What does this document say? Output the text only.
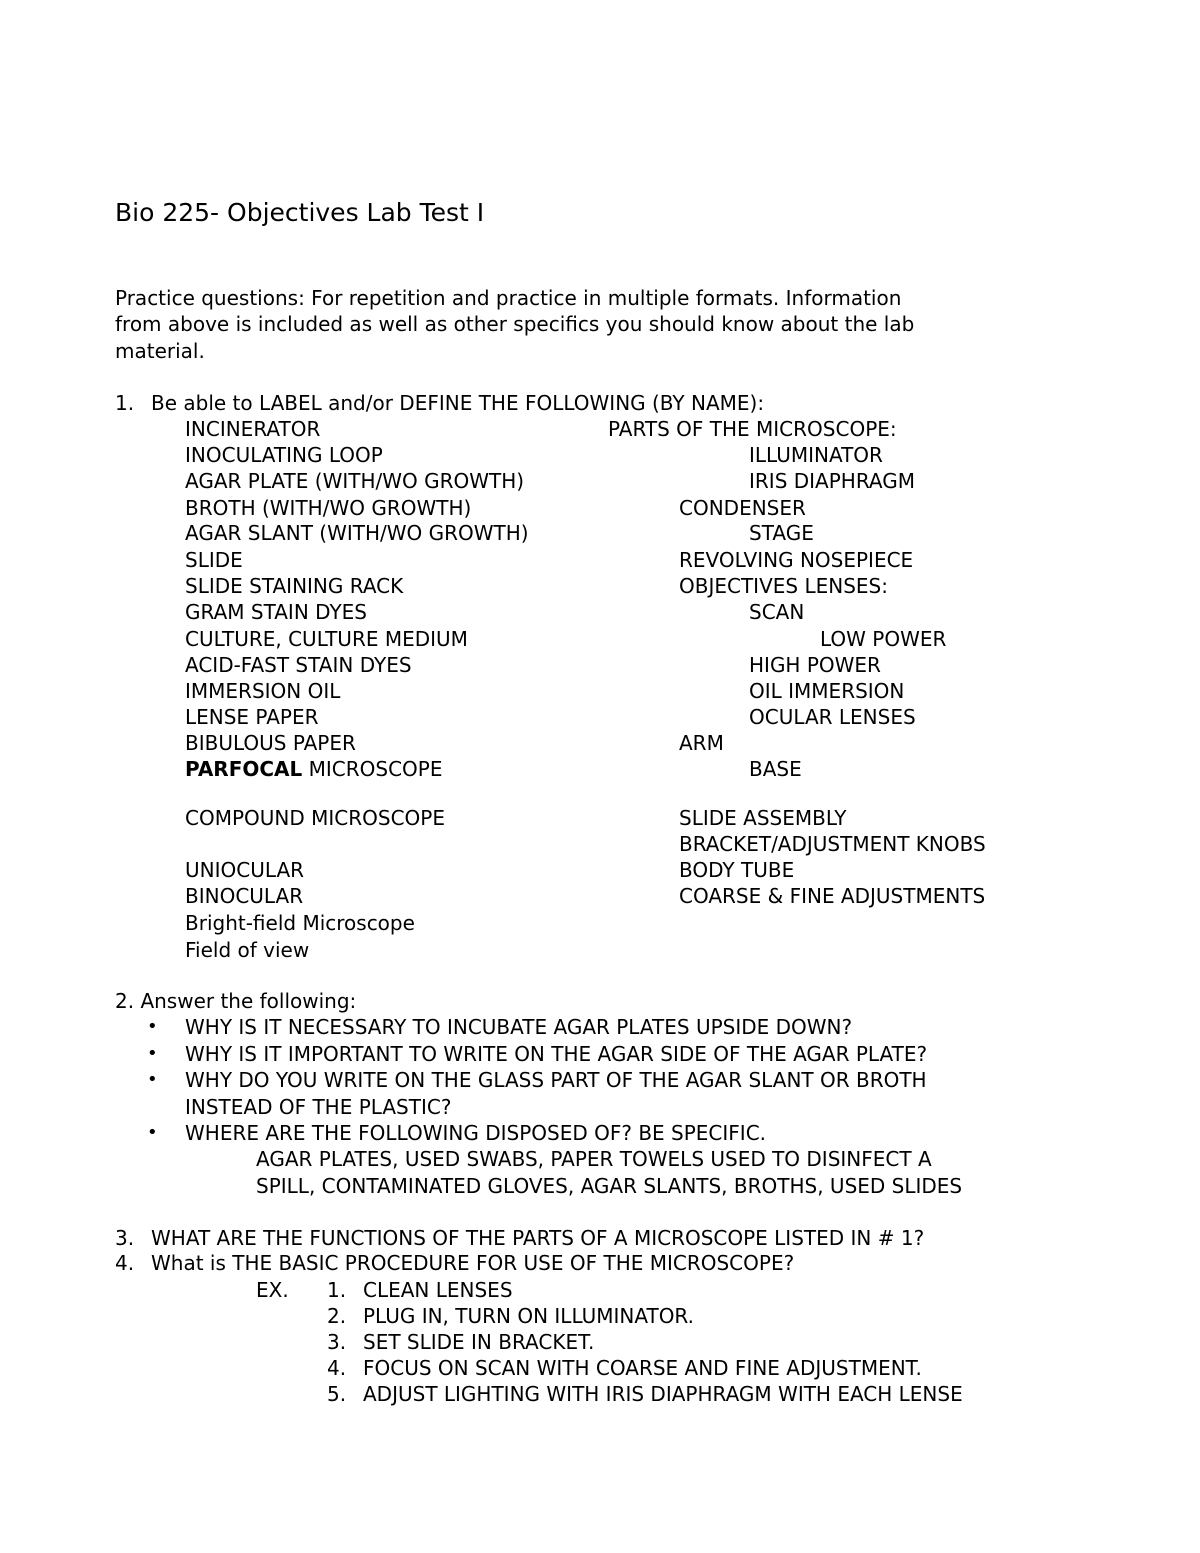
Bio 225- Objectives Lab Test I
Practice questions: For repetition and practice in multiple formats. Information
from above is included as well as other specifics you should know about the lab
material.
1. Be able to LABEL and/or DEFINE THE FOLLOWING (BY NAME):
INCINERATOR
INOCULATING LOOP
AGAR PLATE (WITH/WO GROWTH)
BROTH (WITH/WO GROWTH)
AGAR SLANT (WITH/WO GROWTH)
SLIDE
SLIDE STAINING RACK
GRAM STAIN DYES
CULTURE, CULTURE MEDIUM
ACID-FAST STAIN DYES
IMMERSION OIL
LENSE PAPER
BIBULOUS PAPER
PARFOCAL MICROSCOPE
COMPOUND MICROSCOPE
UNIOCULAR
BINOCULAR
Bright-field Microscope
Field of view
PARTS OF THE MICROSCOPE:
ILLUMINATOR
IRIS DIAPHRAGM
CONDENSER
STAGE
REVOLVING NOSEPIECE
OBJECTIVES LENSES:
SCAN
LOW POWER
HIGH POWER
OIL IMMERSION
OCULAR LENSES
ARM
BASE
SLIDE ASSEMBLY
BRACKET/ADJUSTMENT KNOBS
BODY TUBE
COARSE & FINE ADJUSTMENTS
2. Answer the following:
• WHY IS IT NECESSARY TO INCUBATE AGAR PLATES UPSIDE DOWN?
• WHY IS IT IMPORTANT TO WRITE ON THE AGAR SIDE OF THE AGAR PLATE?
• WHY DO YOU WRITE ON THE GLASS PART OF THE AGAR SLANT OR BROTH
INSTEAD OF THE PLASTIC?
• WHERE ARE THE FOLLOWING DISPOSED OF? BE SPECIFIC.
AGAR PLATES, USED SWABS, PAPER TOWELS USED TO DISINFECT A
SPILL, CONTAMINATED GLOVES, AGAR SLANTS, BROTHS, USED SLIDES
3. WHAT ARE THE FUNCTIONS OF THE PARTS OF A MICROSCOPE LISTED IN # 1?
4. What is THE BASIC PROCEDURE FOR USE OF THE MICROSCOPE?
EX. 1. CLEAN LENSES
2. PLUG IN, TURN ON ILLUMINATOR.
3. SET SLIDE IN BRACKET.
4. FOCUS ON SCAN WITH COARSE AND FINE ADJUSTMENT.
5. ADJUST LIGHTING WITH IRIS DIAPHRAGM WITH EACH LENSE
